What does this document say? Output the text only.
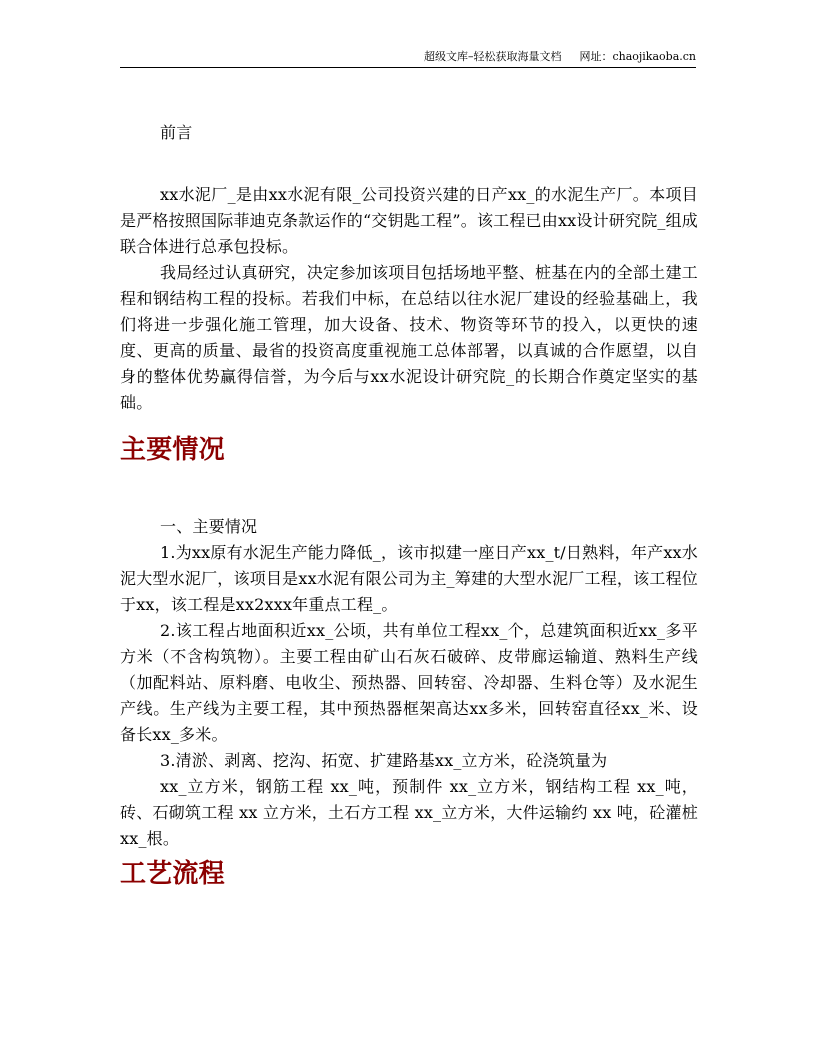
超级文库–轻松获取海量文档 网址：chaojikaoba.cn

前言

xx水泥厂_是由xx水泥有限_公司投资兴建的日产xx_的水泥生产厂。本项目是严格按照国际菲迪克条款运作的“交钥匙工程”。该工程已由xx设计研究院_组成联合体进行总承包投标。

我局经过认真研究，决定参加该项目包括场地平整、桩基在内的全部土建工程和钢结构工程的投标。若我们中标，在总结以往水泥厂建设的经验基础上，我们将进一步强化施工管理，加大设备、技术、物资等环节的投入，以更快的速度、更高的质量、最省的投资高度重视施工总体部署，以真诚的合作愿望，以自身的整体优势赢得信誉，为今后与xx水泥设计研究院_的长期合作奠定坚实的基础。

主要情况

一、主要情况

1.为xx原有水泥生产能力降低_，该市拟建一座日产xx_t/日熟料，年产xx水泥大型水泥厂，该项目是xx水泥有限公司为主_筹建的大型水泥厂工程，该工程位于xx，该工程是xx2xxx年重点工程_。

2.该工程占地面积近xx_公顷，共有单位工程xx_个，总建筑面积近xx_多平方米（不含构筑物）。主要工程由矿山石灰石破碎、皮带廊运输道、熟料生产线（加配料站、原料磨、电收尘、预热器、回转窑、冷却器、生料仓等）及水泥生产线。生产线为主要工程，其中预热器框架高达xx多米，回转窑直径xx_米、设备长xx_多米。

3.清淤、剥离、挖沟、拓宽、扩建路基xx_立方米，砼浇筑量为

xx_立方米，钢筋工程 xx_吨，预制件 xx_立方米，钢结构工程 xx_吨，砖、石砌筑工程 xx 立方米，土石方工程 xx_立方米，大件运输约 xx 吨，砼灌桩 xx_根。

工艺流程
